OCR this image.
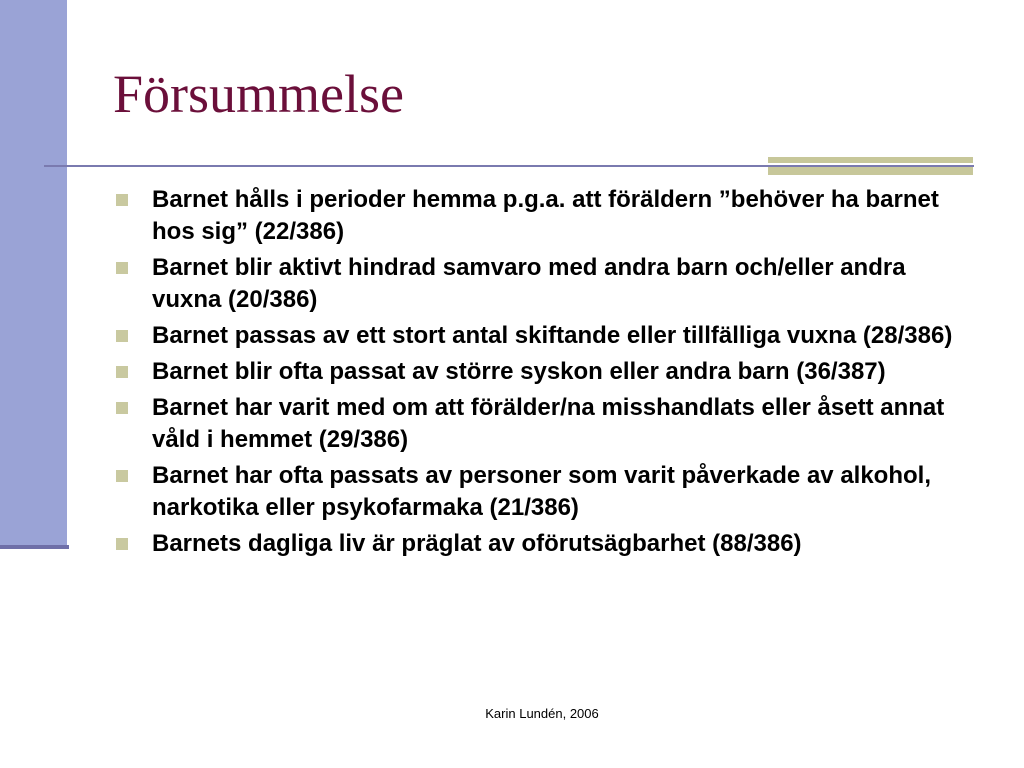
Försummelse
Barnet hålls i perioder hemma p.g.a. att föräldern ”behöver ha barnet hos sig” (22/386)
Barnet blir aktivt hindrad samvaro med andra barn och/eller andra vuxna (20/386)
Barnet passas av ett stort antal skiftande eller tillfälliga vuxna (28/386)
Barnet blir ofta passat av större syskon eller andra barn (36/387)
Barnet har varit med om att förälder/na misshandlats eller åsett annat våld i hemmet (29/386)
Barnet har ofta passats av personer som varit påverkade av alkohol, narkotika eller psykofarmaka (21/386)
Barnets dagliga liv är präglat av oförutsägbarhet (88/386)
Karin Lundén, 2006
